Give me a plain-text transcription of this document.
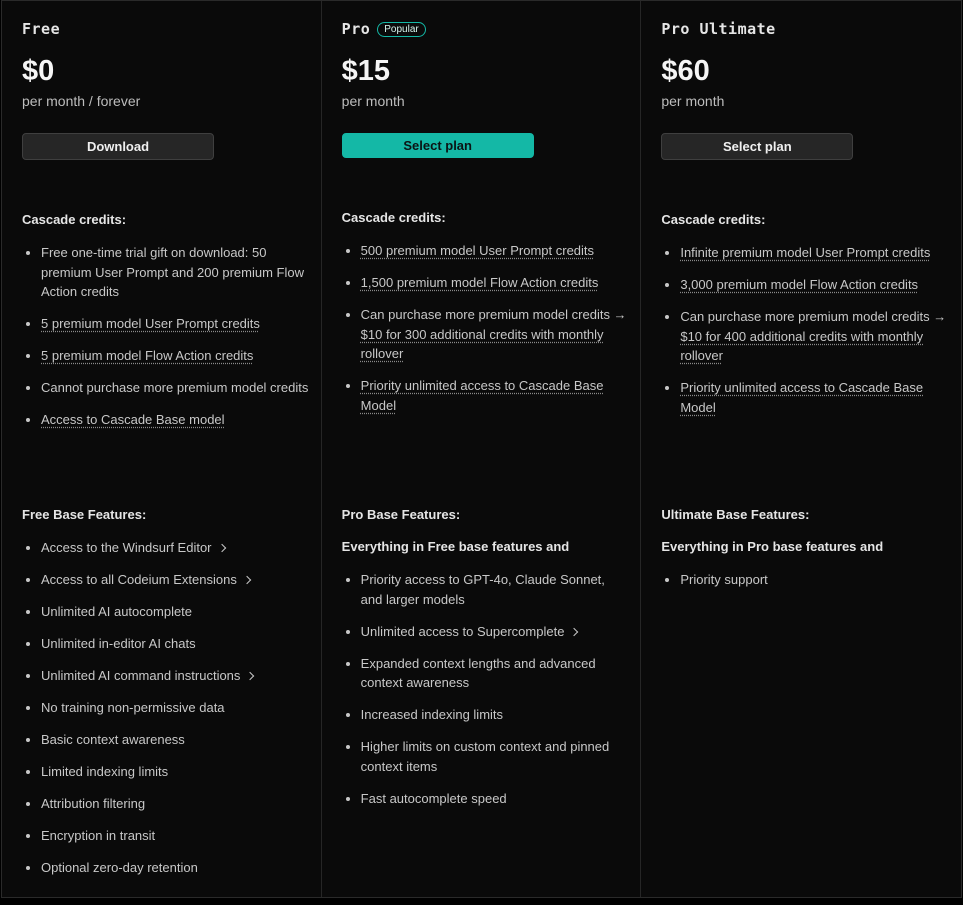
Free
$0
per month / forever
Download
Cascade credits:
• Free one-time trial gift on download: 50 premium User Prompt and 200 premium Flow Action credits
• 5 premium model User Prompt credits
• 5 premium model Flow Action credits
• Cannot purchase more premium model credits
• Access to Cascade Base model
Free Base Features:
• Access to the Windsurf Editor
• Access to all Codeium Extensions
• Unlimited AI autocomplete
• Unlimited in-editor AI chats
• Unlimited AI command instructions
• No training non-permissive data
• Basic context awareness
• Limited indexing limits
• Attribution filtering
• Encryption in transit
• Optional zero-day retention
Pro	Popular
$15
per month
Select plan
Cascade credits:
• 500 premium model User Prompt credits
• 1,500 premium model Flow Action credits
• Can purchase more premium model credits → $10 for 300 additional credits with monthly rollover
• Priority unlimited access to Cascade Base Model
Pro Base Features:
Everything in Free base features and
• Priority access to GPT-4o, Claude Sonnet, and larger models
• Unlimited access to Supercomplete
• Expanded context lengths and advanced context awareness
• Increased indexing limits
• Higher limits on custom context and pinned context items
• Fast autocomplete speed
Pro Ultimate
$60
per month
Select plan
Cascade credits:
• Infinite premium model User Prompt credits
• 3,000 premium model Flow Action credits
• Can purchase more premium model credits → $10 for 400 additional credits with monthly rollover
• Priority unlimited access to Cascade Base Model
Ultimate Base Features:
Everything in Pro base features and
• Priority support
